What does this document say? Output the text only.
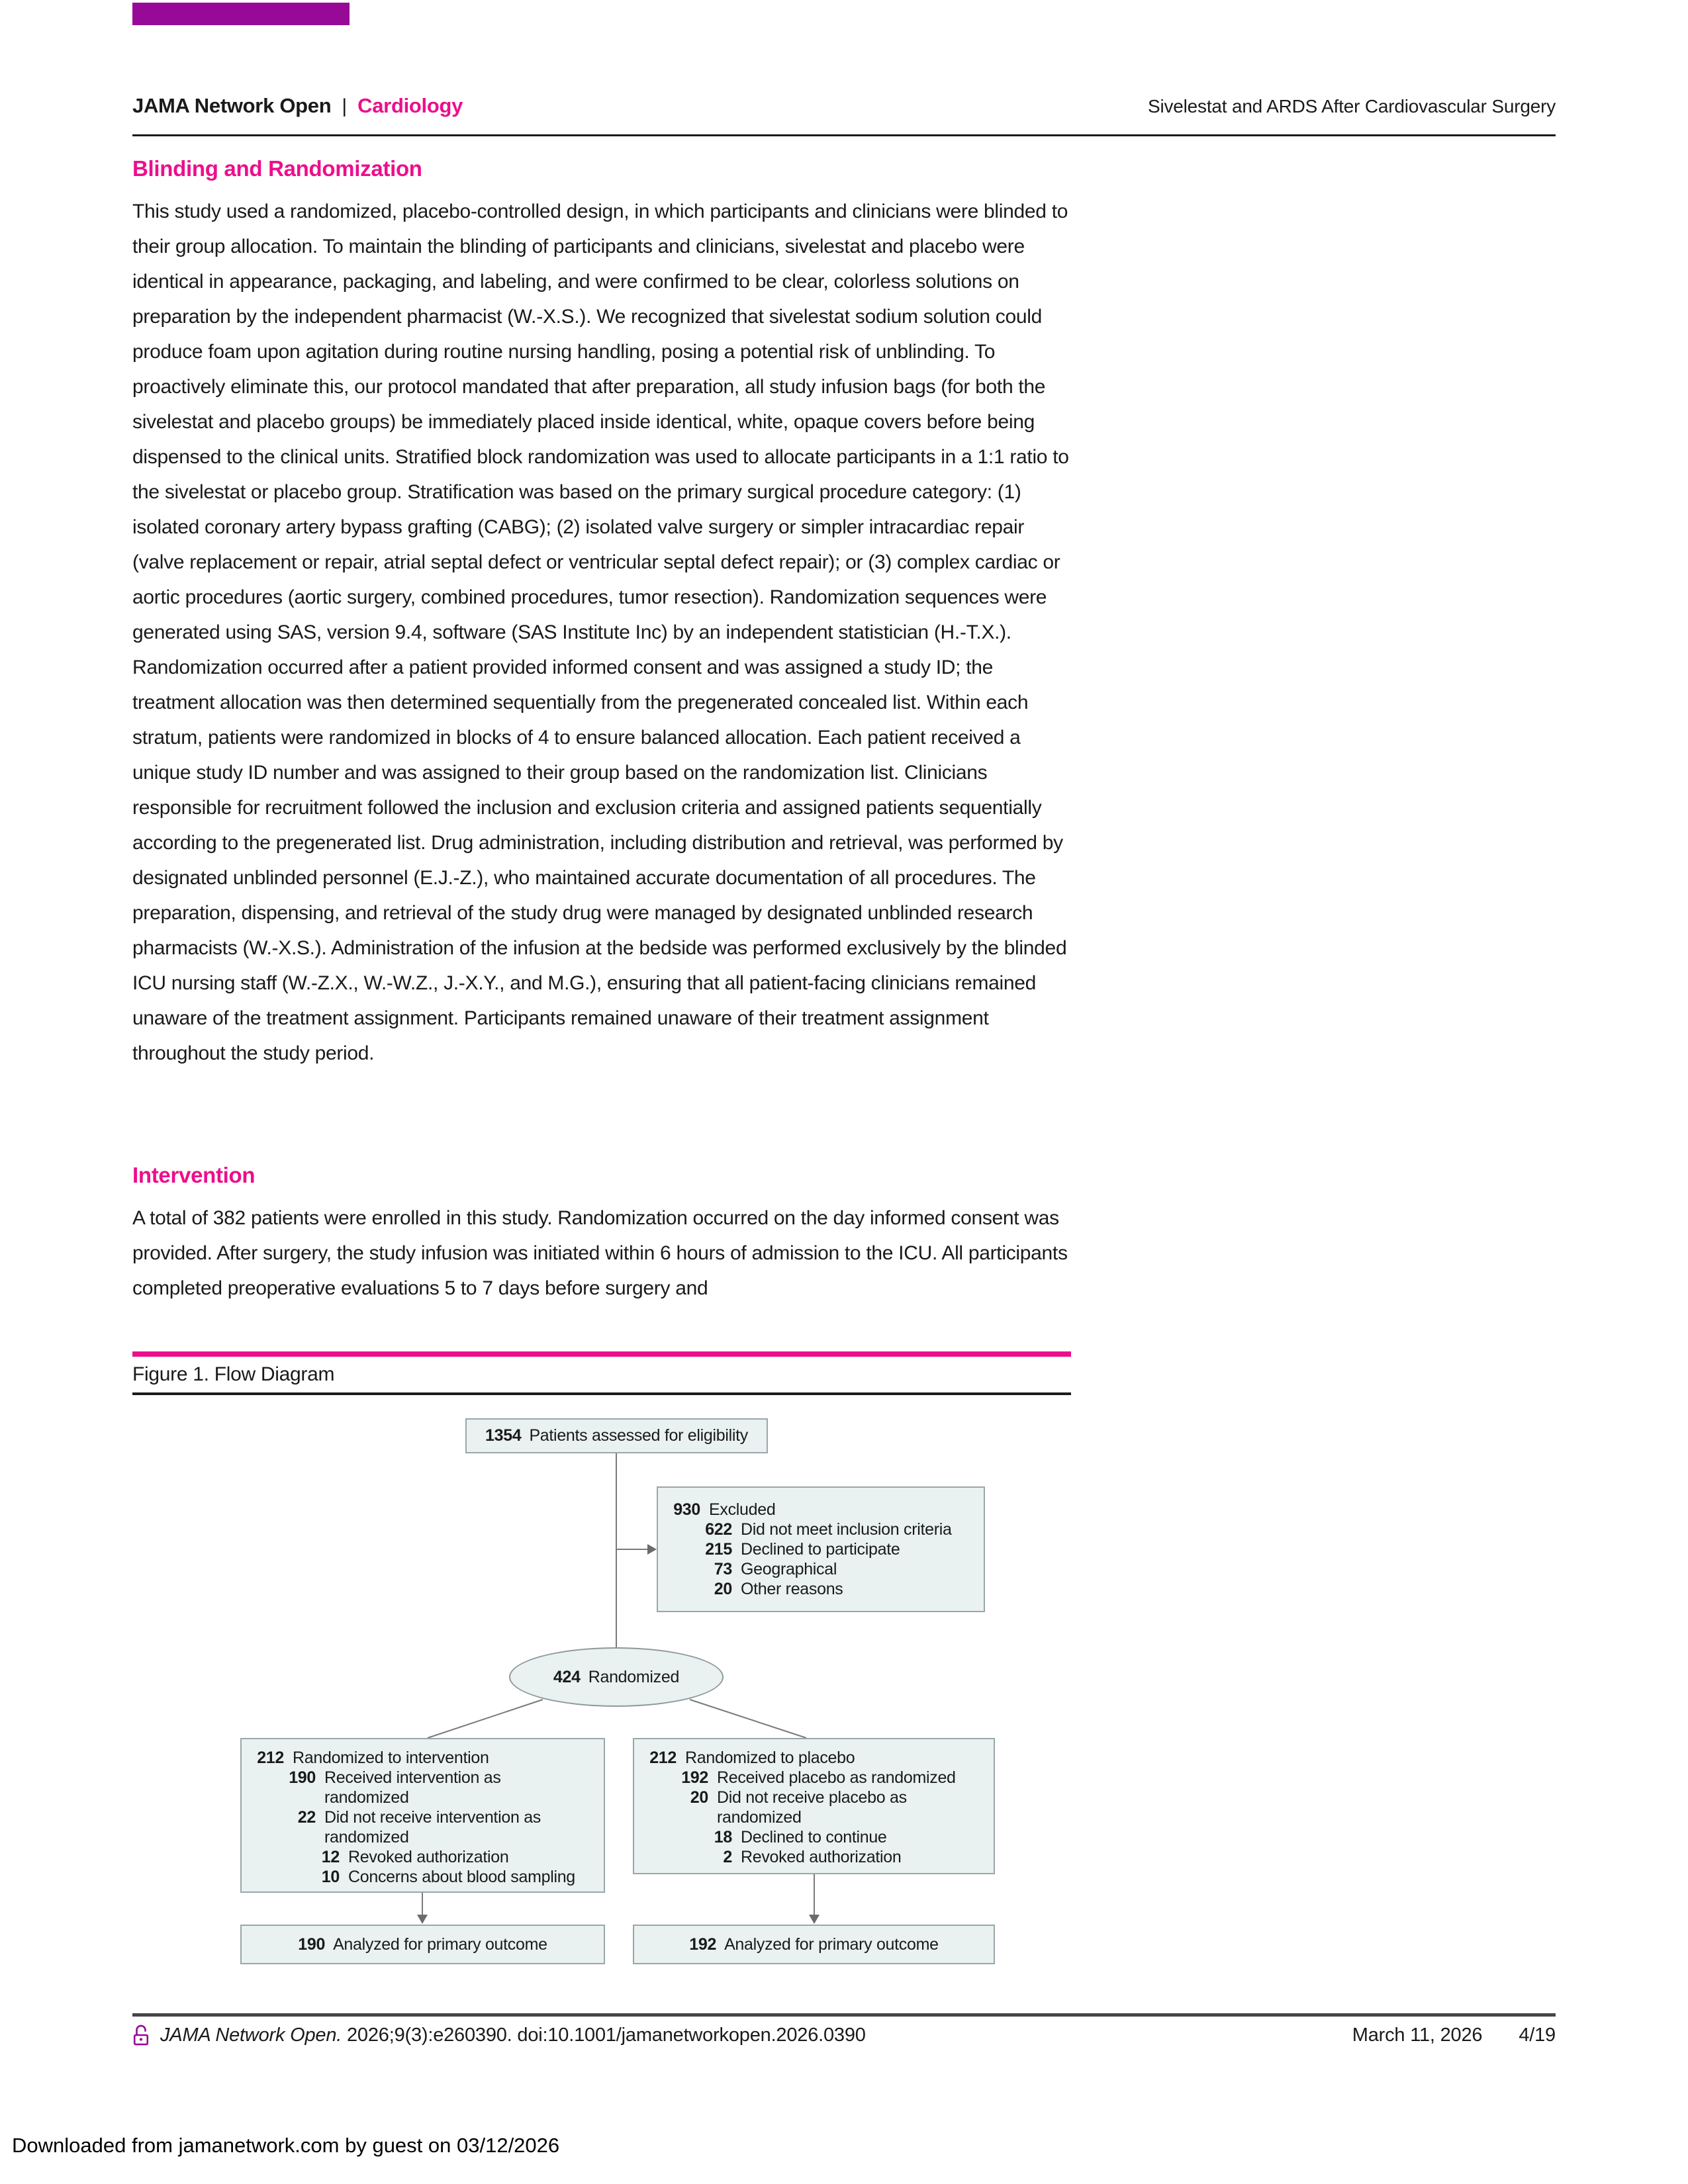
JAMA Network Open | Cardiology	Sivelestat and ARDS After Cardiovascular Surgery
Blinding and Randomization
This study used a randomized, placebo-controlled design, in which participants and clinicians were blinded to their group allocation. To maintain the blinding of participants and clinicians, sivelestat and placebo were identical in appearance, packaging, and labeling, and were confirmed to be clear, colorless solutions on preparation by the independent pharmacist (W.-X.S.). We recognized that sivelestat sodium solution could produce foam upon agitation during routine nursing handling, posing a potential risk of unblinding. To proactively eliminate this, our protocol mandated that after preparation, all study infusion bags (for both the sivelestat and placebo groups) be immediately placed inside identical, white, opaque covers before being dispensed to the clinical units. Stratified block randomization was used to allocate participants in a 1:1 ratio to the sivelestat or placebo group. Stratification was based on the primary surgical procedure category: (1) isolated coronary artery bypass grafting (CABG); (2) isolated valve surgery or simpler intracardiac repair (valve replacement or repair, atrial septal defect or ventricular septal defect repair); or (3) complex cardiac or aortic procedures (aortic surgery, combined procedures, tumor resection). Randomization sequences were generated using SAS, version 9.4, software (SAS Institute Inc) by an independent statistician (H.-T.X.). Randomization occurred after a patient provided informed consent and was assigned a study ID; the treatment allocation was then determined sequentially from the pregenerated concealed list. Within each stratum, patients were randomized in blocks of 4 to ensure balanced allocation. Each patient received a unique study ID number and was assigned to their group based on the randomization list. Clinicians responsible for recruitment followed the inclusion and exclusion criteria and assigned patients sequentially according to the pregenerated list. Drug administration, including distribution and retrieval, was performed by designated unblinded personnel (E.J.-Z.), who maintained accurate documentation of all procedures. The preparation, dispensing, and retrieval of the study drug were managed by designated unblinded research pharmacists (W.-X.S.). Administration of the infusion at the bedside was performed exclusively by the blinded ICU nursing staff (W.-Z.X., W.-W.Z., J.-X.Y., and M.G.), ensuring that all patient-facing clinicians remained unaware of the treatment assignment. Participants remained unaware of their treatment assignment throughout the study period.
Intervention
A total of 382 patients were enrolled in this study. Randomization occurred on the day informed consent was provided. After surgery, the study infusion was initiated within 6 hours of admission to the ICU. All participants completed preoperative evaluations 5 to 7 days before surgery and
Figure 1. Flow Diagram
1354 Patients assessed for eligibility
930 Excluded
622 Did not meet inclusion criteria
215 Declined to participate
73 Geographical
20 Other reasons
424 Randomized
212 Randomized to intervention
190 Received intervention as randomized
22 Did not receive intervention as randomized
12 Revoked authorization
10 Concerns about blood sampling
212 Randomized to placebo
192 Received placebo as randomized
20 Did not receive placebo as randomized
18 Declined to continue
2 Revoked authorization
190 Analyzed for primary outcome	192 Analyzed for primary outcome
JAMA Network Open. 2026;9(3):e260390. doi:10.1001/jamanetworkopen.2026.0390	March 11, 2026 4/19
Downloaded from jamanetwork.com by guest on 03/12/2026
